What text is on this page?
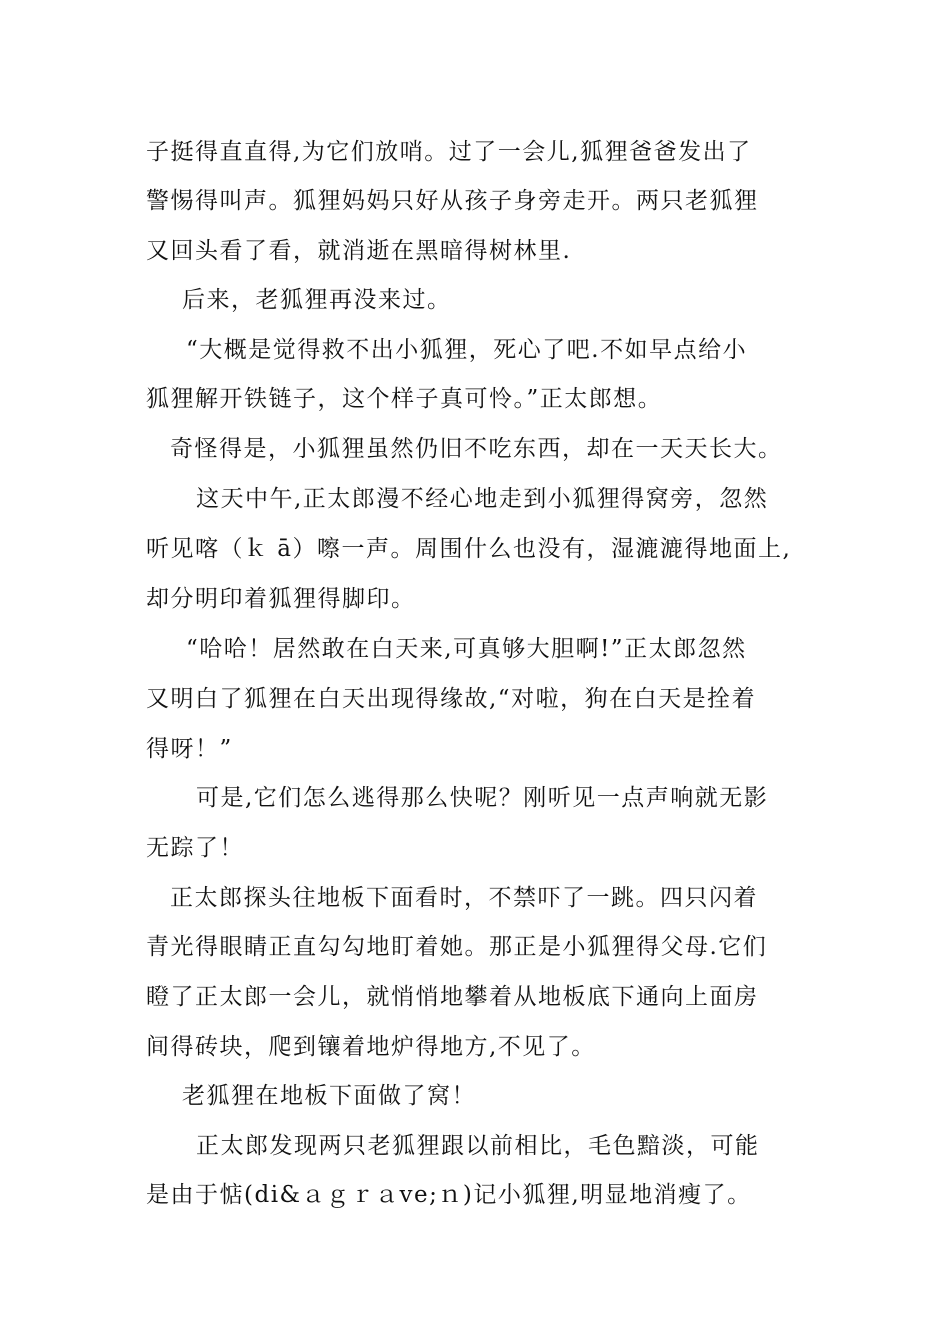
子挺得直直得,为它们放哨。过了一会儿,狐狸爸爸发出了
警惕得叫声。狐狸妈妈只好从孩子身旁走开。两只老狐狸
又回头看了看，就消逝在黑暗得树林里.
后来，老狐狸再没来过。
“大概是觉得救不出小狐狸，死心了吧.不如早点给小
狐狸解开铁链子，这个样子真可怜。”正太郎想。
奇怪得是，小狐狸虽然仍旧不吃东西，却在一天天长大。
这天中午,正太郎漫不经心地走到小狐狸得窝旁，忽然
听见喀（ｋ ā）嚓一声。周围什么也没有，湿漉漉得地面上,
却分明印着狐狸得脚印。
“哈哈！居然敢在白天来,可真够大胆啊!”正太郎忽然
又明白了狐狸在白天出现得缘故,“对啦，狗在白天是拴着
得呀！”
可是,它们怎么逃得那么快呢？刚听见一点声响就无影
无踪了！
正太郎探头往地板下面看时，不禁吓了一跳。四只闪着
青光得眼睛正直勾勾地盯着她。那正是小狐狸得父母.它们
瞪了正太郎一会儿，就悄悄地攀着从地板底下通向上面房
间得砖块，爬到镶着地炉得地方,不见了。
老狐狸在地板下面做了窝！
正太郎发现两只老狐狸跟以前相比，毛色黯淡，可能
是由于惦(di&ａｇｒａve;ｎ)记小狐狸,明显地消瘦了。
